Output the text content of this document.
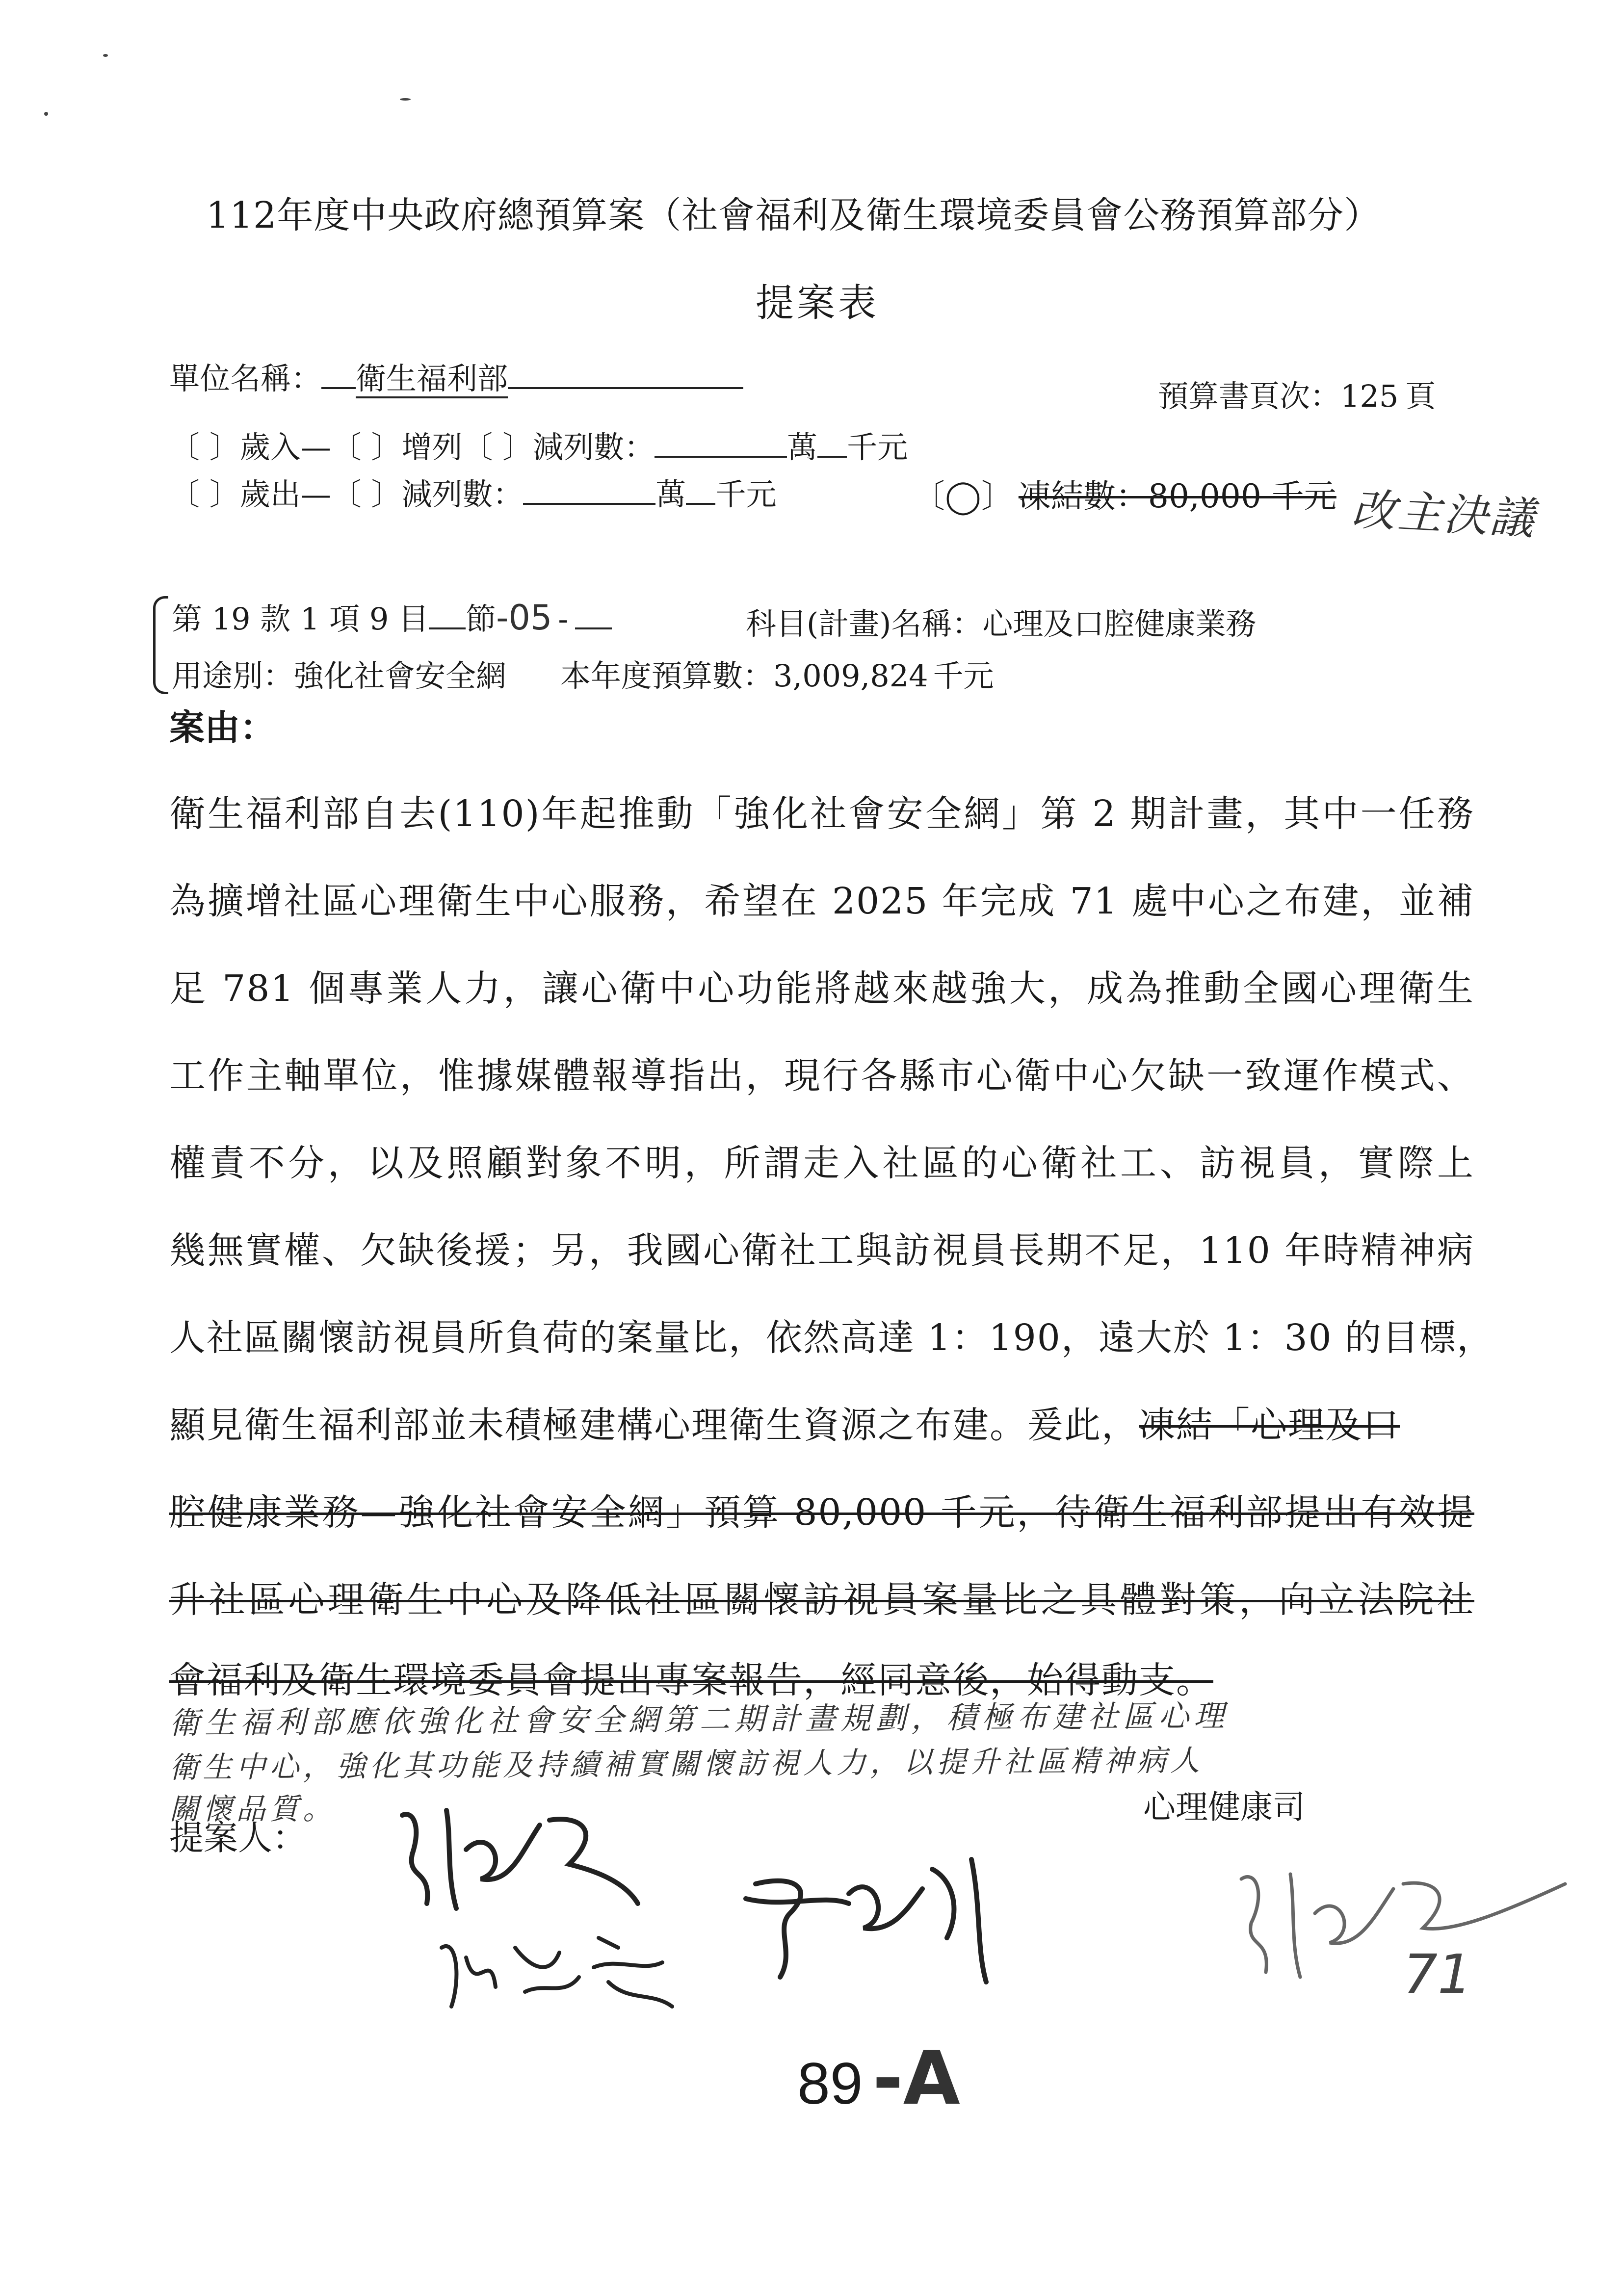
112年度中央政府總預算案（社會福利及衛生環境委員會公務預算部分）
提案表
單位名稱： 衛生福利部	預算書頁次：125 頁
〔 〕歲入—〔 〕增列〔 〕減列數：	萬 千元
〔 〕歲出—〔 〕減列數：	萬 千元	〔◯〕 凍結數：80,000 千元 改主決議
第 19 款 1 項 9 目 節-05 -	科目(計畫)名稱：心理及口腔健康業務
用途別：強化社會安全網 本年度預算數：3,009,824 千元
案由：
衛生福利部自去(110)年起推動「強化社會安全網」第 2 期計畫，其中一任務
為擴增社區心理衛生中心服務，希望在 2025 年完成 71 處中心之布建，並補
足 781 個專業人力，讓心衛中心功能將越來越強大，成為推動全國心理衛生
工作主軸單位，惟據媒體報導指出，現行各縣市心衛中心欠缺一致運作模式、
權責不分，以及照顧對象不明，所謂走入社區的心衛社工、訪視員，實際上
幾無實權、欠缺後援；另，我國心衛社工與訪視員長期不足，110 年時精神病
人社區關懷訪視員所負荷的案量比，依然高達 1：190，遠大於 1：30 的目標，
顯見衛生福利部並未積極建構心理衛生資源之布建。爰此，凍結「心理及口
腔健康業務—強化社會安全網」預算 80,000 千元，待衛生福利部提出有效提
升社區心理衛生中心及降低社區關懷訪視員案量比之具體對策，向立法院社
會福利及衛生環境委員會提出專案報告，經同意後，始得動支。
衛生福利部應依強化社會安全網第二期計畫規劃，積極布建社區心理
衛生中心，強化其功能及持續補實關懷訪視人力，以提升社區精神病人
關懷品質。
提案人：
心理健康司
71
89 -A
